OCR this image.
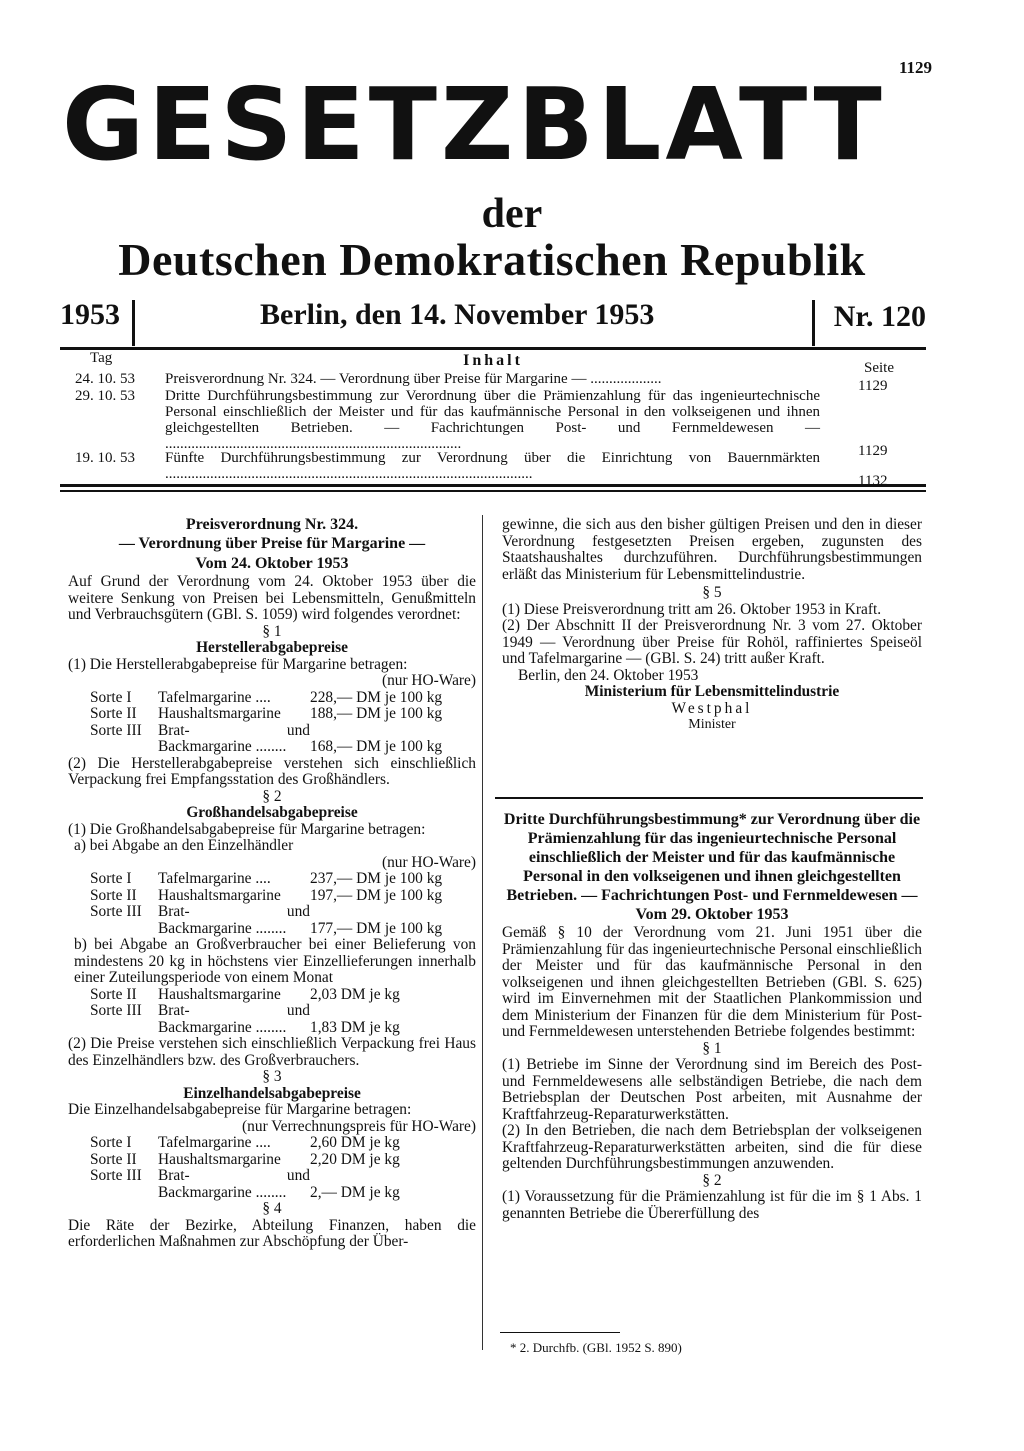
1129
GESETZBLATT
der
Deutschen Demokratischen Republik
1953	Berlin, den 14. November 1953	Nr. 120
Tag	Inhalt	Seite
24. 10. 53	Preisverordnung Nr. 324. — Verordnung über Preise für Margarine — ...................	1129
29. 10. 53	Dritte Durchführungsbestimmung zur Verordnung über die Prämienzahlung für das ingenieurtechnische Personal einschließlich der Meister und für das kaufmännische Personal in den volkseigenen und ihnen gleichgestellten Betrieben. — Fachrichtungen Post- und Fernmeldewesen — ...............................................................................	1129
19. 10. 53	Fünfte Durchführungsbestimmung zur Verordnung über die Einrichtung von Bauernmärkten ..................................................................................................	1132
Preisverordnung Nr. 324.
— Verordnung über Preise für Margarine —
Vom 24. Oktober 1953

Auf Grund der Verordnung vom 24. Oktober 1953 über die weitere Senkung von Preisen bei Lebensmitteln, Genußmitteln und Verbrauchsgütern (GBl. S. 1059) wird folgendes verordnet:

§ 1
Herstellerabgabepreise

(1) Die Herstellerabgabepreise für Margarine betragen:

(nur HO-Ware)
Sorte I	Tafelmargarine ....	228,— DM je 100 kg
Sorte II	Haushaltsmargarine	188,— DM je 100 kg
Sorte III	Brat- und Backmargarine ........	168,— DM je 100 kg

(2) Die Herstellerabgabepreise verstehen sich einschließlich Verpackung frei Empfangsstation des Großhändlers.

§ 2
Großhandelsabgabepreise

(1) Die Großhandelsabgabepreise für Margarine betragen:

a) bei Abgabe an den Einzelhändler
(nur HO-Ware)
Sorte I	Tafelmargarine ....	237,— DM je 100 kg
Sorte II	Haushaltsmargarine	197,— DM je 100 kg
Sorte III	Brat- und Backmargarine ........	177,— DM je 100 kg
b) bei Abgabe an Großverbraucher bei einer Belieferung von mindestens 20 kg in höchstens vier Einzellieferungen innerhalb einer Zuteilungsperiode von einem Monat
Sorte II	Haushaltsmargarine	2,03 DM je kg
Sorte III	Brat- und Backmargarine ........	1,83 DM je kg

(2) Die Preise verstehen sich einschließlich Verpackung frei Haus des Einzelhändlers bzw. des Großverbrauchers.

§ 3
Einzelhandelsabgabepreise

Die Einzelhandelsabgabepreise für Margarine betragen:

(nur Verrechnungspreis für HO-Ware)
Sorte I	Tafelmargarine ....	2,60 DM je kg
Sorte II	Haushaltsmargarine	2,20 DM je kg
Sorte III	Brat- und Backmargarine ........	2,— DM je kg
§ 4

Die Räte der Bezirke, Abteilung Finanzen, haben die erforderlichen Maßnahmen zur Abschöpfung der Über-

gewinne, die sich aus den bisher gültigen Preisen und den in dieser Verordnung festgesetzten Preisen ergeben, zugunsten des Staatshaushaltes durchzuführen. Durchführungsbestimmungen erläßt das Ministerium für Lebensmittelindustrie.

§ 5

(1) Diese Preisverordnung tritt am 26. Oktober 1953 in Kraft.

(2) Der Abschnitt II der Preisverordnung Nr. 3 vom 27. Oktober 1949 — Verordnung über Preise für Rohöl, raffiniertes Speiseöl und Tafelmargarine — (GBl. S. 24) tritt außer Kraft.

Berlin, den 24. Oktober 1953
Ministerium für Lebensmittelindustrie
Westphal
Minister
Dritte Durchführungsbestimmung* zur Verordnung über die Prämienzahlung für das ingenieurtechnische Personal einschließlich der Meister und für das kaufmännische Personal in den volkseigenen und ihnen gleichgestellten Betrieben. — Fachrichtungen Post- und Fernmeldewesen —
Vom 29. Oktober 1953

Gemäß § 10 der Verordnung vom 21. Juni 1951 über die Prämienzahlung für das ingenieurtechnische Personal einschließlich der Meister und für das kaufmännische Personal in den volkseigenen und ihnen gleichgestellten Betrieben (GBl. S. 625) wird im Einvernehmen mit der Staatlichen Plankommission und dem Ministerium der Finanzen für die dem Ministerium für Post- und Fernmeldewesen unterstehenden Betriebe folgendes bestimmt:

§ 1

(1) Betriebe im Sinne der Verordnung sind im Bereich des Post- und Fernmeldewesens alle selbständigen Betriebe, die nach dem Betriebsplan der Deutschen Post arbeiten, mit Ausnahme der Kraftfahrzeug-Reparaturwerkstätten.

(2) In den Betrieben, die nach dem Betriebsplan der volkseigenen Kraftfahrzeug-Reparaturwerkstätten arbeiten, sind die für diese geltenden Durchführungsbestimmungen anzuwenden.

§ 2

(1) Voraussetzung für die Prämienzahlung ist für die im § 1 Abs. 1 genannten Betriebe die Übererfüllung des

* 2. Durchfb. (GBl. 1952 S. 890)
